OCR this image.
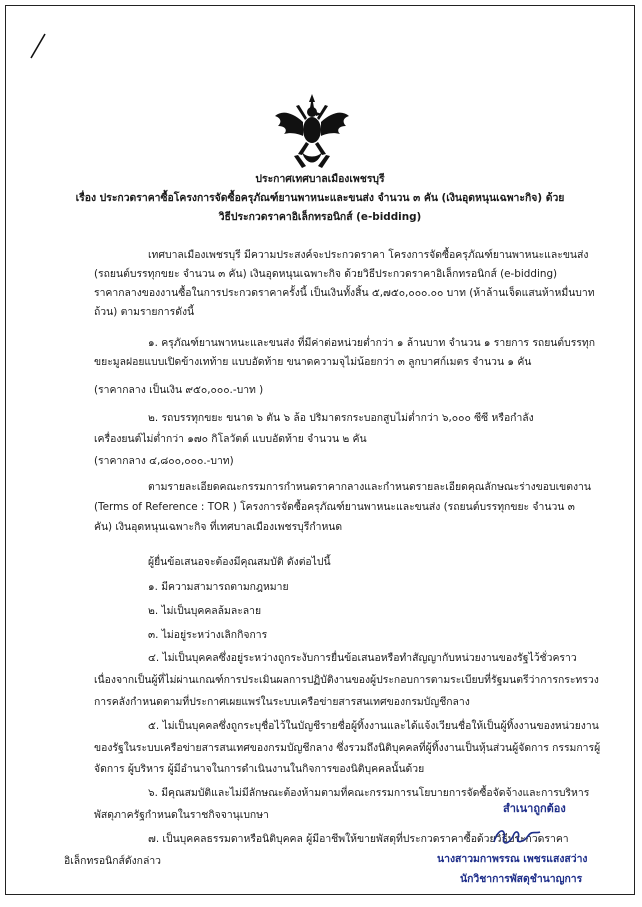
ประกาศเทศบาลเมืองเพชรบุรี
เรื่อง ประกวดราคาซื้อโครงการจัดซื้อครุภัณฑ์ยานพาหนะและขนส่ง จำนวน ๓ คัน (เงินอุดหนุนเฉพาะกิจ) ด้วย
วิธีประกวดราคาอิเล็กทรอนิกส์ (e-bidding)
เทศบาลเมืองเพชรบุรี มีความประสงค์จะประกวดราคา โครงการจัดซื้อครุภัณฑ์ยานพาหนะและขนส่ง
(รถยนต์บรรทุกขยะ จำนวน ๓ คัน) เงินอุดหนุนเฉพาะกิจ ด้วยวิธีประกวดราคาอิเล็กทรอนิกส์ (e-bidding)
ราคากลางของงานซื้อในการประกวดราคาครั้งนี้ เป็นเงินทั้งสิ้น ๕,๗๕๐,๐๐๐.๐๐ บาท (ห้าล้านเจ็ดแสนห้าหมื่นบาท
ถ้วน) ตามรายการดังนี้
๑. ครุภัณฑ์ยานพาหนะและขนส่ง ที่มีค่าต่อหน่วยต่ำกว่า ๑ ล้านบาท จำนวน ๑ รายการ รถยนต์บรรทุก
ขยะมูลฝอยแบบเปิดข้างเทท้าย แบบอัดท้าย ขนาดความจุไม่น้อยกว่า ๓ ลูกบาศก์เมตร จำนวน ๑ คัน
(ราคากลาง เป็นเงิน ๙๕๐,๐๐๐.-บาท )
๒. รถบรรทุกขยะ ขนาด ๖ ตัน ๖ ล้อ ปริมาตรกระบอกสูบไม่ต่ำกว่า ๖,๐๐๐ ซีซี หรือกำลัง
เครื่องยนต์ไม่ต่ำกว่า ๑๗๐ กิโลวัตต์ แบบอัดท้าย จำนวน ๒ คัน
(ราคากลาง ๔,๘๐๐,๐๐๐.-บาท)
ตามรายละเอียดคณะกรรมการกำหนดราคากลางและกำหนดรายละเอียดคุณลักษณะร่างขอบเขตงาน
(Terms of Reference : TOR ) โครงการจัดซื้อครุภัณฑ์ยานพาหนะและขนส่ง (รถยนต์บรรทุกขยะ จำนวน ๓
คัน) เงินอุดหนุนเฉพาะกิจ ที่เทศบาลเมืองเพชรบุรีกำหนด
ผู้ยื่นข้อเสนอจะต้องมีคุณสมบัติ ดังต่อไปนี้
๑. มีความสามารถตามกฎหมาย
๒. ไม่เป็นบุคคลล้มละลาย
๓. ไม่อยู่ระหว่างเลิกกิจการ
๔. ไม่เป็นบุคคลซึ่งอยู่ระหว่างถูกระงับการยื่นข้อเสนอหรือทำสัญญากับหน่วยงานของรัฐไว้ชั่วคราว
เนื่องจากเป็นผู้ที่ไม่ผ่านเกณฑ์การประเมินผลการปฏิบัติงานของผู้ประกอบการตามระเบียบที่รัฐมนตรีว่าการกระทรวง
การคลังกำหนดตามที่ประกาศเผยแพร่ในระบบเครือข่ายสารสนเทศของกรมบัญชีกลาง
๕. ไม่เป็นบุคคลซึ่งถูกระบุชื่อไว้ในบัญชีรายชื่อผู้ทิ้งงานและได้แจ้งเวียนชื่อให้เป็นผู้ทิ้งงานของหน่วยงาน
ของรัฐในระบบเครือข่ายสารสนเทศของกรมบัญชีกลาง ซึ่งรวมถึงนิติบุคคลที่ผู้ทิ้งงานเป็นหุ้นส่วนผู้จัดการ กรรมการผู้
จัดการ ผู้บริหาร ผู้มีอำนาจในการดำเนินงานในกิจการของนิติบุคคลนั้นด้วย
๖. มีคุณสมบัติและไม่มีลักษณะต้องห้ามตามที่คณะกรรมการนโยบายการจัดซื้อจัดจ้างและการบริหาร
พัสดุภาครัฐกำหนดในราชกิจจานุเบกษา
๗. เป็นบุคคลธรรมดาหรือนิติบุคคล ผู้มีอาชีพให้ขายพัสดุที่ประกวดราคาซื้อด้วยวิธีประกวดราคา
อิเล็กทรอนิกส์ดังกล่าว
สำเนาถูกต้อง
นางสาวมกาพรรณ เพชรแสงสว่าง
นักวิชาการพัสดุชำนาญการ
